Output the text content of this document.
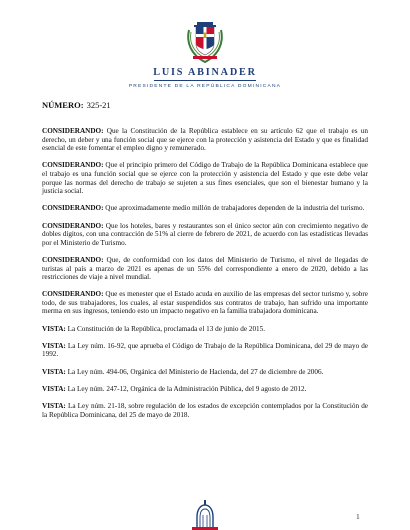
LUIS ABINADER
PRESIDENTE DE LA REPÚBLICA DOMINICANA
NÚMERO: 325-21

CONSIDERANDO: Que la Constitución de la República establece en su artículo 62 que el trabajo es un derecho, un deber y una función social que se ejerce con la protección y asistencia del Estado y que es finalidad esencial de este fomentar el empleo digno y remunerado.

CONSIDERANDO: Que el principio primero del Código de Trabajo de la República Dominicana establece que el trabajo es una función social que se ejerce con la protección y asistencia del Estado y que este debe velar porque las normas del derecho de trabajo se sujeten a sus fines esenciales, que son el bienestar humano y la justicia social.

CONSIDERANDO: Que aproximadamente medio millón de trabajadores dependen de la industria del turismo.

CONSIDERANDO: Que los hoteles, bares y restaurantes son el único sector aún con crecimiento negativo de dobles dígitos, con una contracción de 51% al cierre de febrero de 2021, de acuerdo con las estadísticas llevadas por el Ministerio de Turismo.

CONSIDERANDO: Que, de conformidad con los datos del Ministerio de Turismo, el nivel de llegadas de turistas al país a marzo de 2021 es apenas de un 55% del correspondiente a enero de 2020, debido a las restricciones de viaje a nivel mundial.

CONSIDERANDO: Que es menester que el Estado acuda en auxilio de las empresas del sector turismo y, sobre todo, de sus trabajadores, los cuales, al estar suspendidos sus contratos de trabajo, han sufrido una importante merma en sus ingresos, teniendo esto un impacto negativo en la familia trabajadora dominicana.

VISTA: La Constitución de la República, proclamada el 13 de junio de 2015.

VISTA: La Ley núm. 16-92, que aprueba el Código de Trabajo de la República Dominicana, del 29 de mayo de 1992.

VISTA: La Ley núm. 494-06, Orgánica del Ministerio de Hacienda, del 27 de diciembre de 2006.

VISTA: La Ley núm. 247-12, Orgánica de la Administración Pública, del 9 agosto de 2012.

VISTA: La Ley núm. 21-18, sobre regulación de los estados de excepción contemplados por la Constitución de la República Dominicana, del 25 de mayo de 2018.

1
